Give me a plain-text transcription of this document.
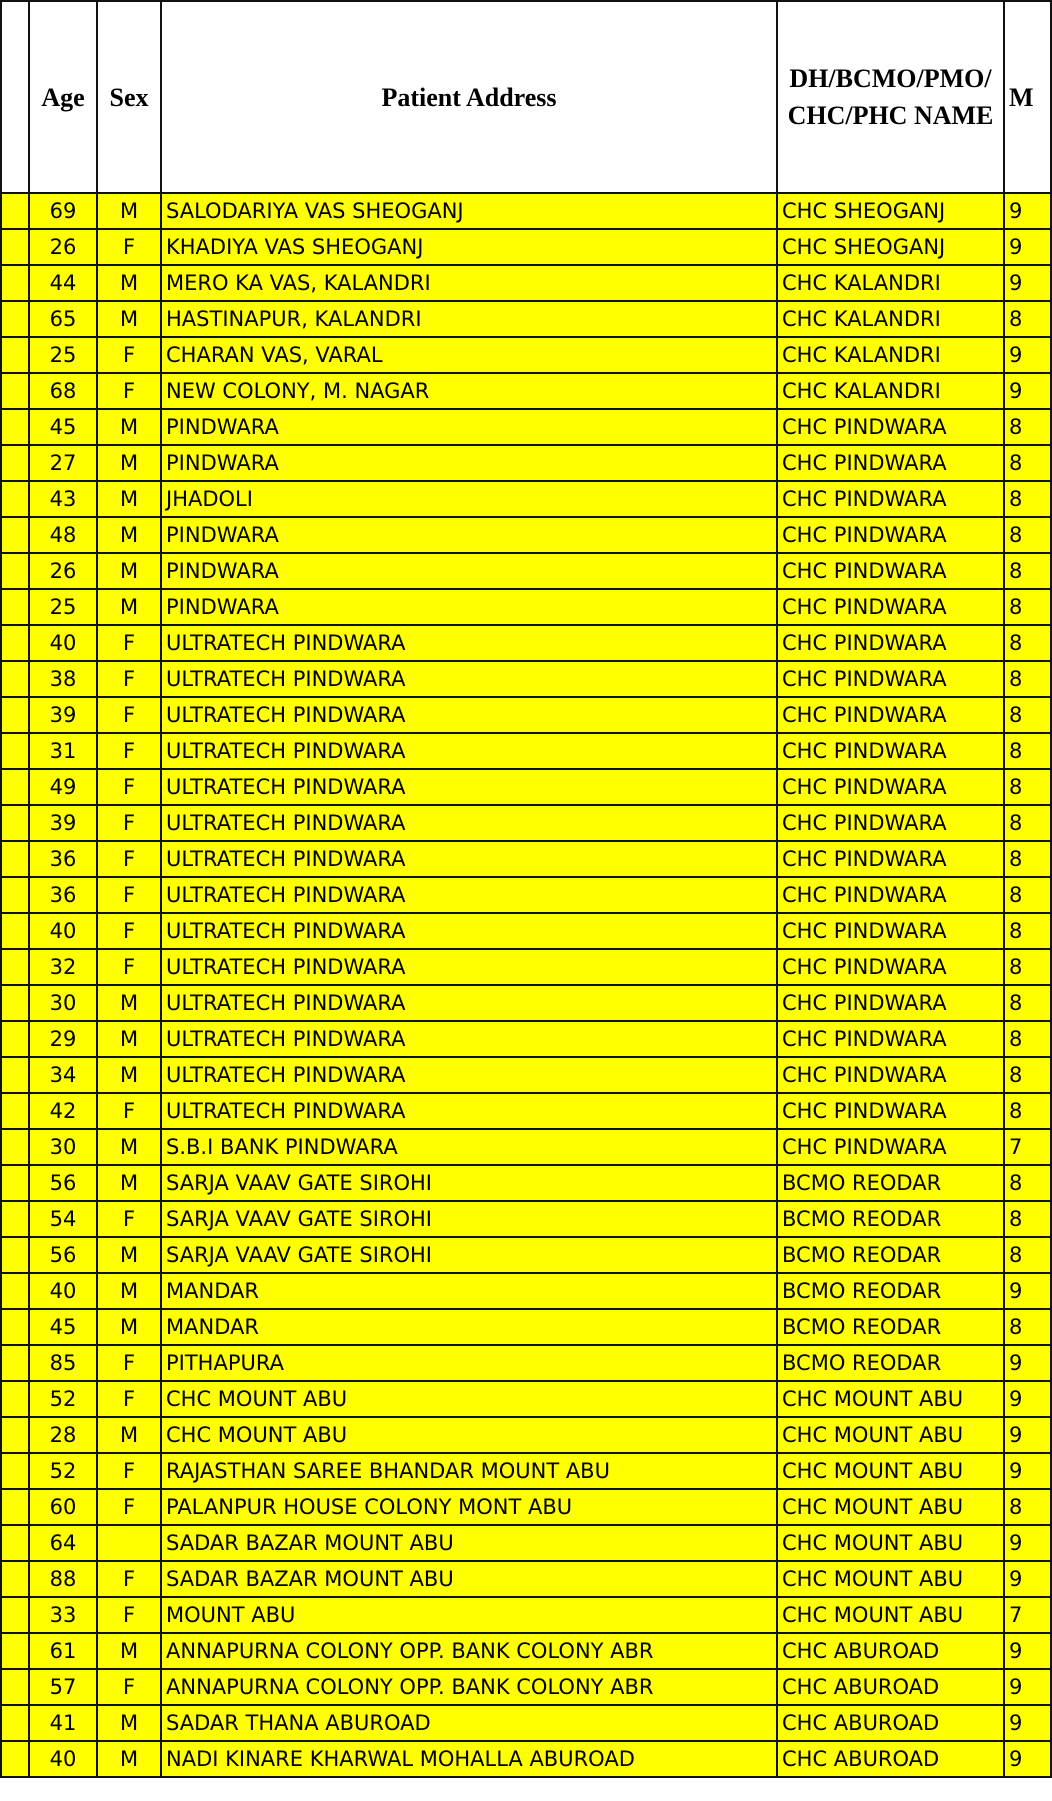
	Age	Sex	Patient Address	DH/BCMO/PMO/CHC/PHC NAME	M
	69	M	SALODARIYA VAS SHEOGANJ	CHC SHEOGANJ	9
	26	F	KHADIYA VAS SHEOGANJ	CHC SHEOGANJ	9
	44	M	MERO KA VAS, KALANDRI	CHC KALANDRI	9
	65	M	HASTINAPUR, KALANDRI	CHC KALANDRI	8
	25	F	CHARAN VAS, VARAL	CHC KALANDRI	9
	68	F	NEW COLONY, M. NAGAR	CHC KALANDRI	9
	45	M	PINDWARA	CHC PINDWARA	8
	27	M	PINDWARA	CHC PINDWARA	8
	43	M	JHADOLI	CHC PINDWARA	8
	48	M	PINDWARA	CHC PINDWARA	8
	26	M	PINDWARA	CHC PINDWARA	8
	25	M	PINDWARA	CHC PINDWARA	8
	40	F	ULTRATECH PINDWARA	CHC PINDWARA	8
	38	F	ULTRATECH PINDWARA	CHC PINDWARA	8
	39	F	ULTRATECH PINDWARA	CHC PINDWARA	8
	31	F	ULTRATECH PINDWARA	CHC PINDWARA	8
	49	F	ULTRATECH PINDWARA	CHC PINDWARA	8
	39	F	ULTRATECH PINDWARA	CHC PINDWARA	8
	36	F	ULTRATECH PINDWARA	CHC PINDWARA	8
	36	F	ULTRATECH PINDWARA	CHC PINDWARA	8
	40	F	ULTRATECH PINDWARA	CHC PINDWARA	8
	32	F	ULTRATECH PINDWARA	CHC PINDWARA	8
	30	M	ULTRATECH PINDWARA	CHC PINDWARA	8
	29	M	ULTRATECH PINDWARA	CHC PINDWARA	8
	34	M	ULTRATECH PINDWARA	CHC PINDWARA	8
	42	F	ULTRATECH PINDWARA	CHC PINDWARA	8
	30	M	S.B.I BANK PINDWARA	CHC PINDWARA	7
	56	M	SARJA VAAV GATE SIROHI	BCMO REODAR	8
	54	F	SARJA VAAV GATE SIROHI	BCMO REODAR	8
	56	M	SARJA VAAV GATE SIROHI	BCMO REODAR	8
	40	M	MANDAR	BCMO REODAR	9
	45	M	MANDAR	BCMO REODAR	8
	85	F	PITHAPURA	BCMO REODAR	9
	52	F	CHC MOUNT ABU	CHC MOUNT ABU	9
	28	M	CHC MOUNT ABU	CHC MOUNT ABU	9
	52	F	RAJASTHAN SAREE BHANDAR MOUNT ABU	CHC MOUNT ABU	9
	60	F	PALANPUR HOUSE COLONY MONT ABU	CHC MOUNT ABU	8
	64		SADAR BAZAR MOUNT ABU	CHC MOUNT ABU	9
	88	F	SADAR BAZAR MOUNT ABU	CHC MOUNT ABU	9
	33	F	MOUNT ABU	CHC MOUNT ABU	7
	61	M	ANNAPURNA COLONY OPP. BANK COLONY ABR	CHC ABUROAD	9
	57	F	ANNAPURNA COLONY OPP. BANK COLONY ABR	CHC ABUROAD	9
	41	M	SADAR THANA ABUROAD	CHC ABUROAD	9
	40	M	NADI KINARE KHARWAL MOHALLA ABUROAD	CHC ABUROAD	9
